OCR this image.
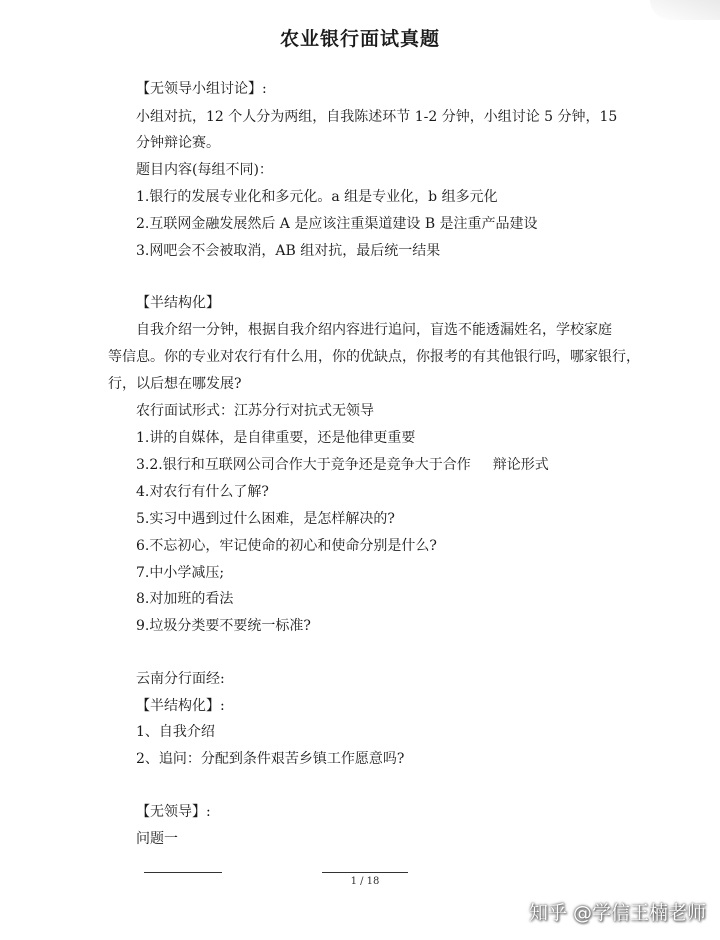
农业银行面试真题
【无领导小组讨论】:
小组对抗，12 个人分为两组，自我陈述环节 1-2 分钟，小组讨论 5 分钟，15
分钟辩论赛。
题目内容(每组不同)：
1.银行的发展专业化和多元化。a 组是专业化，b 组多元化
2.互联网金融发展然后 A 是应该注重渠道建设 B 是注重产品建设
3.网吧会不会被取消，AB 组对抗，最后统一结果
【半结构化】
自我介绍一分钟，根据自我介绍内容进行追问，盲选不能透漏姓名，学校家庭
等信息。你的专业对农行有什么用，你的优缺点，你报考的有其他银行吗，哪家银行，
行，以后想在哪发展?
农行面试形式：江苏分行对抗式无领导
1.讲的自媒体，是自律重要，还是他律更重要
3.2.银行和互联网公司合作大于竞争还是竞争大于合作 辩论形式
4.对农行有什么了解?
5.实习中遇到过什么困难，是怎样解决的?
6.不忘初心，牢记使命的初心和使命分别是什么?
7.中小学减压;
8.对加班的看法
9.垃圾分类要不要统一标准?
云南分行面经:
【半结构化】:
1、自我介绍
2、追问：分配到条件艰苦乡镇工作愿意吗?
【无领导】:
问题一
1 / 18
知乎 @学信王楠老师
